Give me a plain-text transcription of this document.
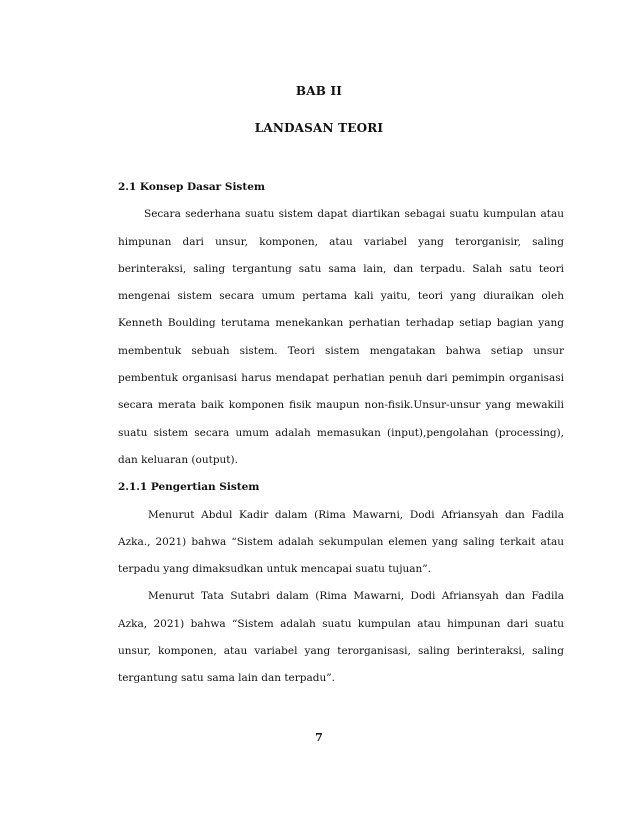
BAB II
LANDASAN TEORI

2.1 Konsep Dasar Sistem

Secara sederhana suatu sistem dapat diartikan sebagai suatu kumpulan atau himpunan dari unsur, komponen, atau variabel yang terorganisir, saling berinteraksi, saling tergantung satu sama lain, dan terpadu. Salah satu teori mengenai sistem secara umum pertama kali yaitu, teori yang diuraikan oleh Kenneth Boulding terutama menekankan perhatian terhadap setiap bagian yang membentuk sebuah sistem. Teori sistem mengatakan bahwa setiap unsur pembentuk organisasi harus mendapat perhatian penuh dari pemimpin organisasi secara merata baik komponen fisik maupun non-fisik.Unsur-unsur yang mewakili suatu sistem secara umum adalah memasukan (input),pengolahan (processing), dan keluaran (output).

2.1.1 Pengertian Sistem

Menurut Abdul Kadir dalam (Rima Mawarni, Dodi Afriansyah dan Fadila Azka., 2021) bahwa “Sistem adalah sekumpulan elemen yang saling terkait atau terpadu yang dimaksudkan untuk mencapai suatu tujuan”.

Menurut Tata Sutabri dalam (Rima Mawarni, Dodi Afriansyah dan Fadila Azka, 2021) bahwa “Sistem adalah suatu kumpulan atau himpunan dari suatu unsur, komponen, atau variabel yang terorganisasi, saling berinteraksi, saling tergantung satu sama lain dan terpadu”.

7
